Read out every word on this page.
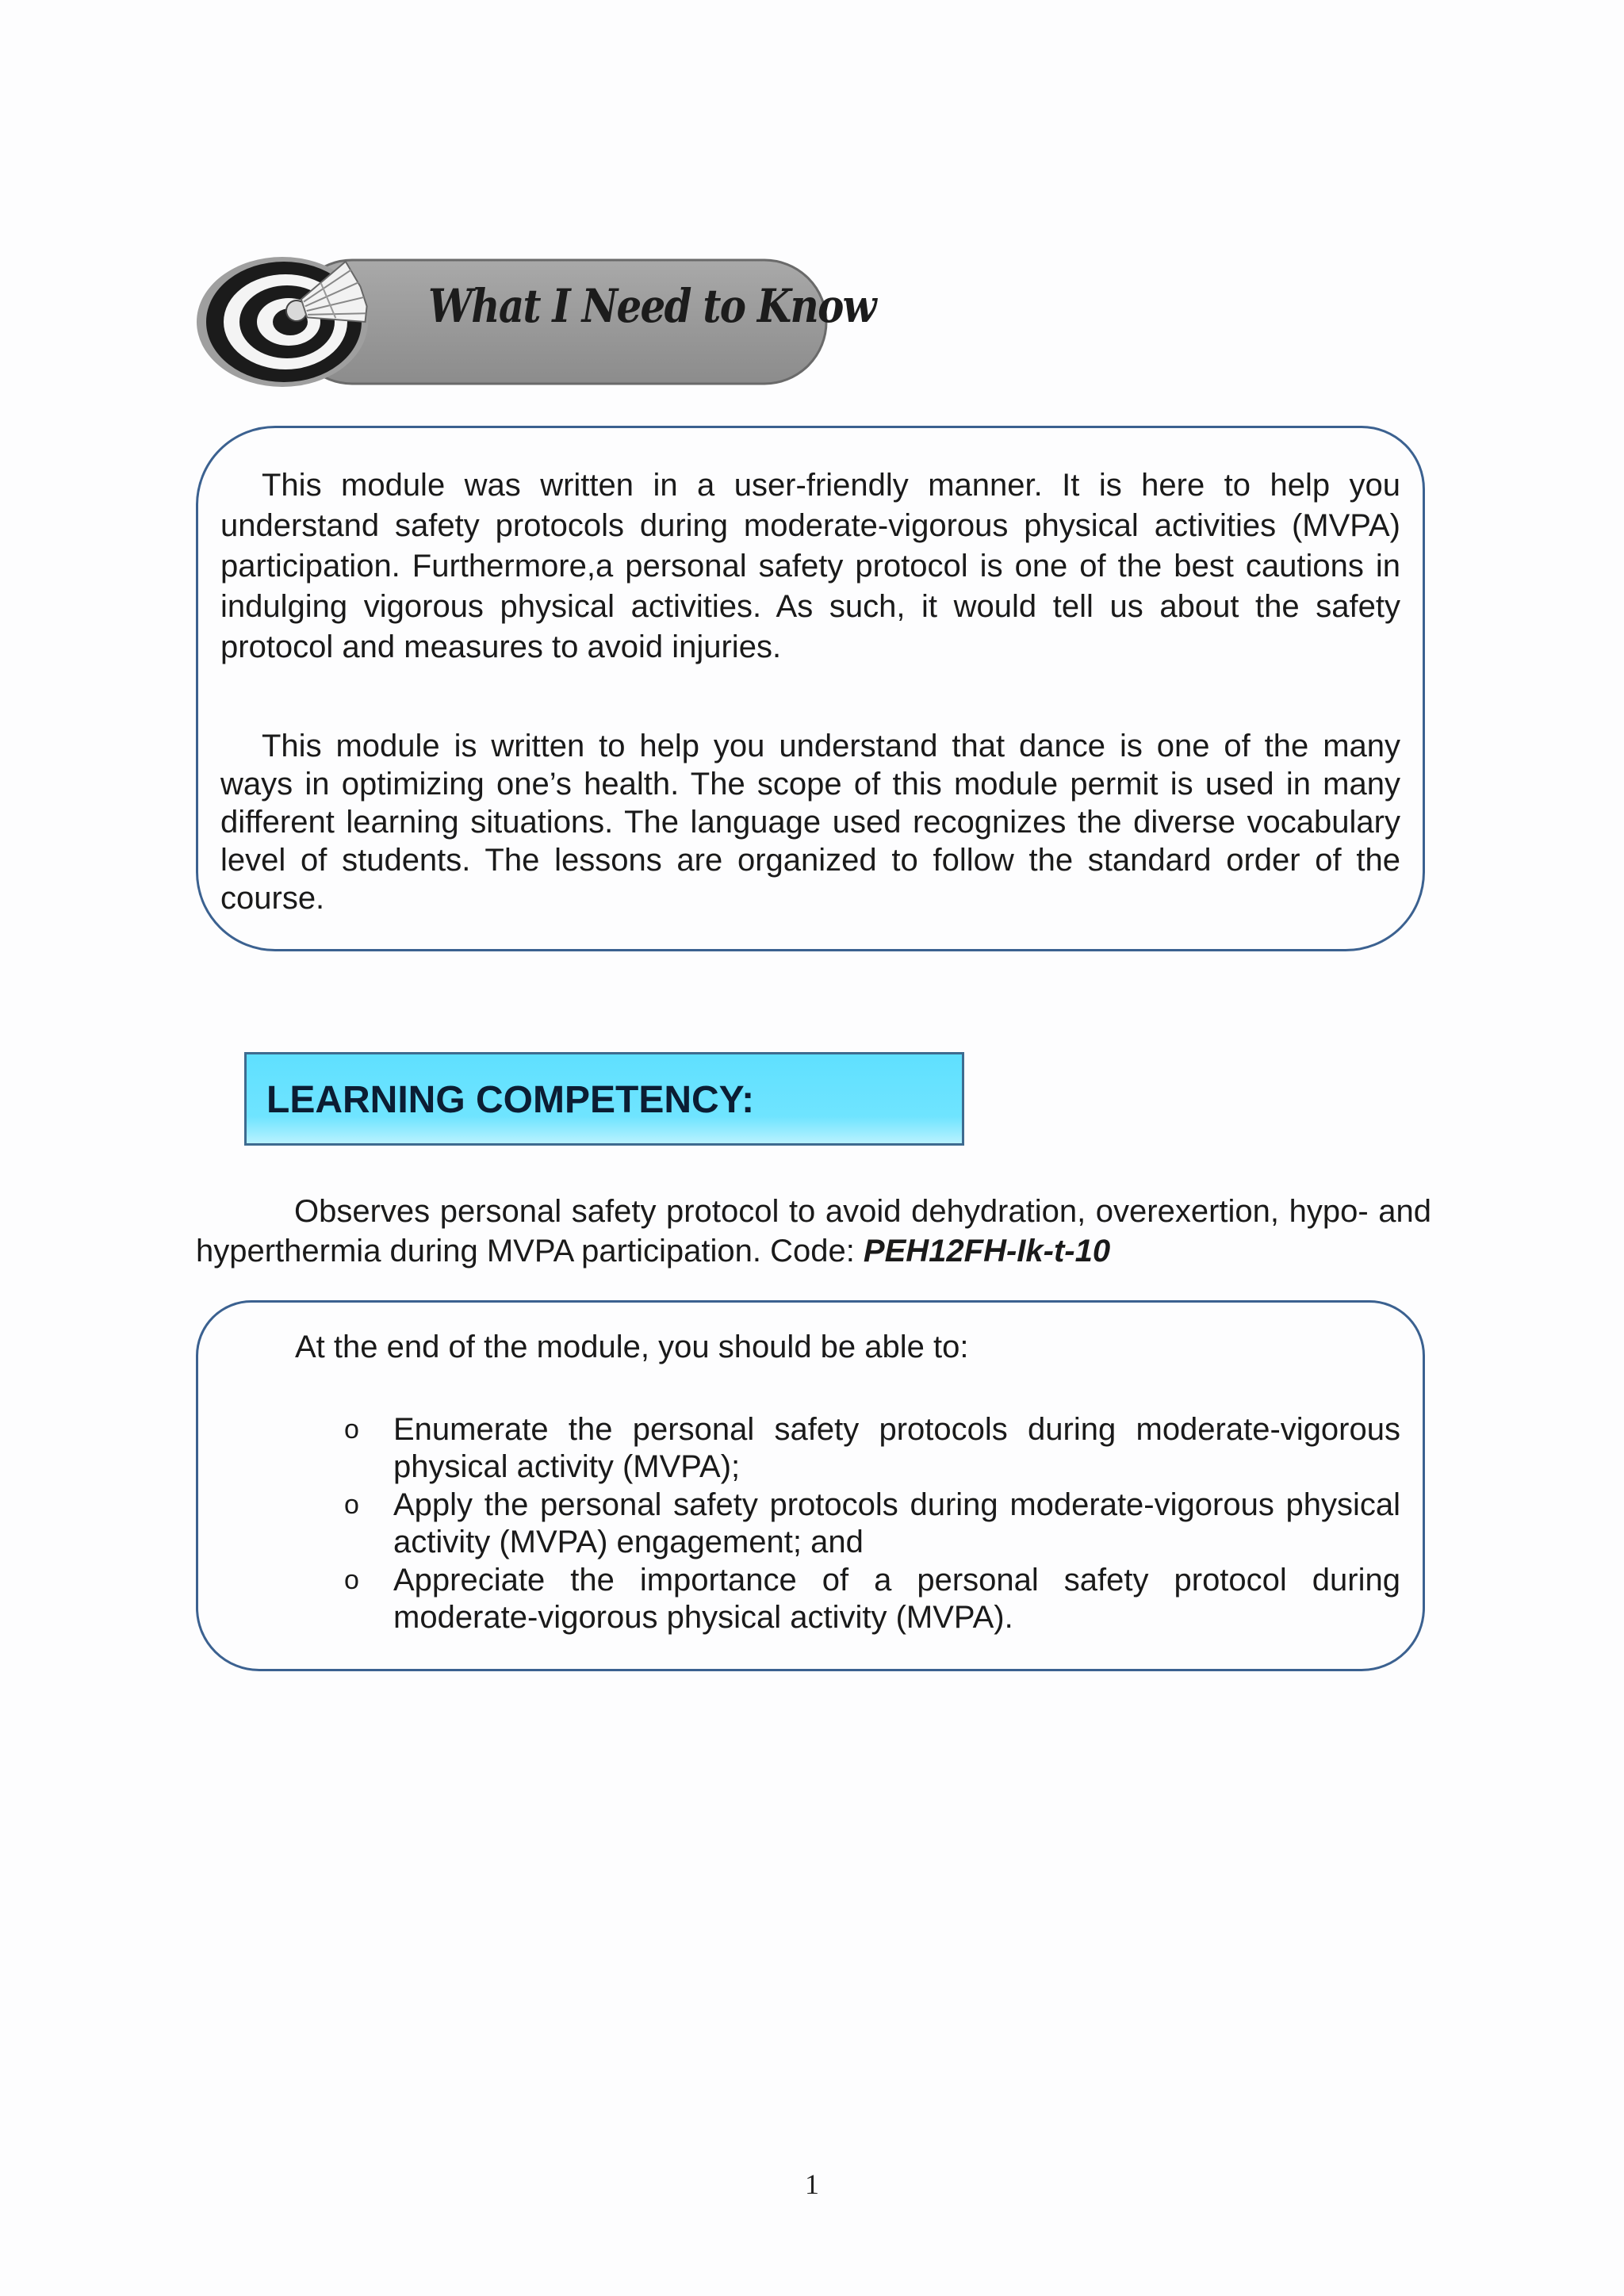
What I Need to Know

This module was written in a user-friendly manner. It is here to help you understand safety protocols during moderate-vigorous physical activities (MVPA) participation. Furthermore,a personal safety protocol is one of the best cautions in indulging vigorous physical activities. As such, it would tell us about the safety protocol and measures to avoid injuries.

This module is written to help you understand that dance is one of the many ways in optimizing one’s health. The scope of this module permit is used in many different learning situations. The language used recognizes the diverse vocabulary level of students. The lessons are organized to follow the standard order of the course.

LEARNING COMPETENCY:

Observes personal safety protocol to avoid dehydration, overexertion, hypo- and hyperthermia during MVPA participation. Code: PEH12FH-Ik-t-10

At the end of the module, you should be able to:

o Enumerate the personal safety protocols during moderate-vigorous physical activity (MVPA);
o Apply the personal safety protocols during moderate-vigorous physical activity (MVPA) engagement; and
o Appreciate the importance of a personal safety protocol during moderate-vigorous physical activity (MVPA).
1
